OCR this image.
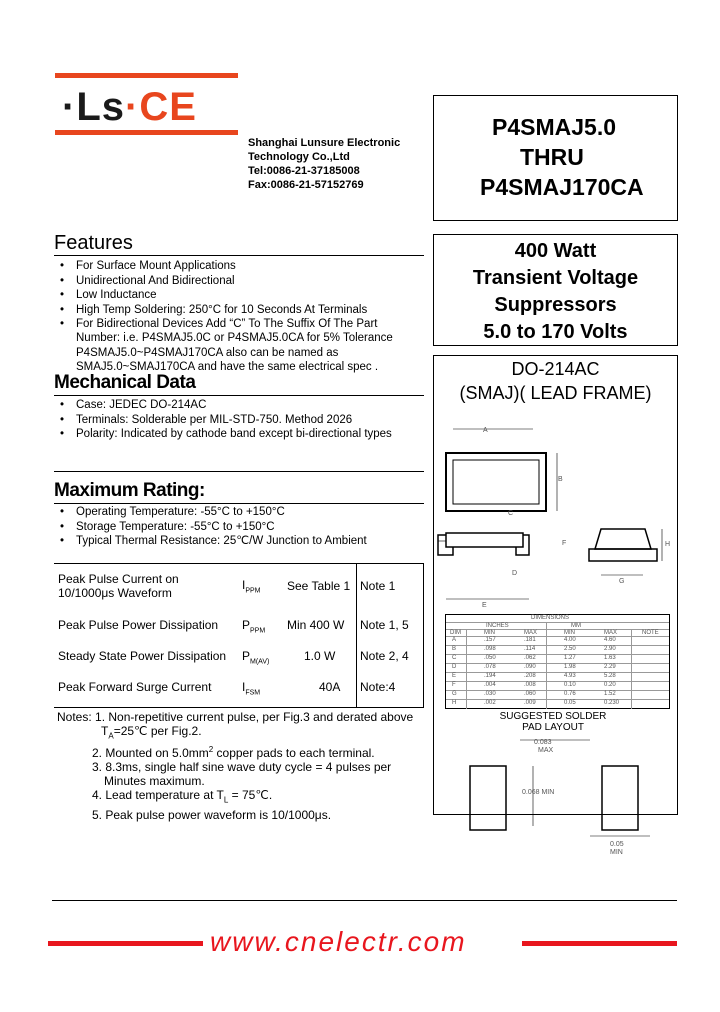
·Ls·CE
Shanghai Lunsure Electronic
Technology Co.,Ltd
Tel:0086-21-37185008
Fax:0086-21-57152769
P4SMAJ5.0
THRU
P4SMAJ170CA
400 Watt
Transient Voltage
Suppressors
5.0 to 170 Volts
DO-214AC
(SMAJ)( LEAD FRAME)
A
B
C
D
F
E
H
G
DIMENSIONS
INCHES	MM
DIM	MIN	MAX	MIN	MAX	NOTE
A	.157	.181	4.00	4.60
B	.098	.114	2.50	2.90
C	.050	.062	1.27	1.63
D	.078	.090	1.98	2.29
E	.194	.208	4.93	5.28
F	.004	.008	0.10	0.20
G	.030	.060	0.76	1.52
H	.002	.009	0.05	0.230
SUGGESTED SOLDER
PAD LAYOUT
0.083
MAX
0.068 MIN
0.05
MIN
Features
• For Surface Mount Applications
• Unidirectional And Bidirectional
• Low Inductance
• High Temp Soldering: 250°C for 10 Seconds At Terminals
• For Bidirectional Devices Add “C” To The Suffix Of The Part
Number: i.e. P4SMAJ5.0C or P4SMAJ5.0CA for 5% Tolerance
P4SMAJ5.0~P4SMAJ170CA also can be named as
SMAJ5.0~SMAJ170CA and have the same electrical spec .
Mechanical Data
• Case: JEDEC DO-214AC
• Terminals: Solderable per MIL-STD-750. Method 2026
• Polarity: Indicated by cathode band except bi-directional types
Maximum Rating:
• Operating Temperature: -55°C to +150°C
• Storage Temperature: -55°C to +150°C
• Typical Thermal Resistance: 25℃/W Junction to Ambient
Peak Pulse Current on
10/1000μs Waveform
$I_{PPM}$ See Table 1 Note 1
Peak Pulse Power Dissipation $P_{PPM}$ Min 400 W Note 1, 5
Steady State Power Dissipation $P_{M(AV)}$	1.0 W Note 2, 4
Peak Forward Surge Current	$I_{FSM}$	40A Note:4
Notes: 1. Non-repetitive current pulse, per Fig.3 and derated above
$T_A=25℃$ per Fig.2.
2. Mounted on $5.0mm^2$ copper pads to each terminal.
3. 8.3ms, single half sine wave duty cycle = 4 pulses per
Minutes maximum.
4. Lead temperature at $T_L$ = 75℃.
5. Peak pulse power waveform is 10/1000μs.
www.cnelectr.com
